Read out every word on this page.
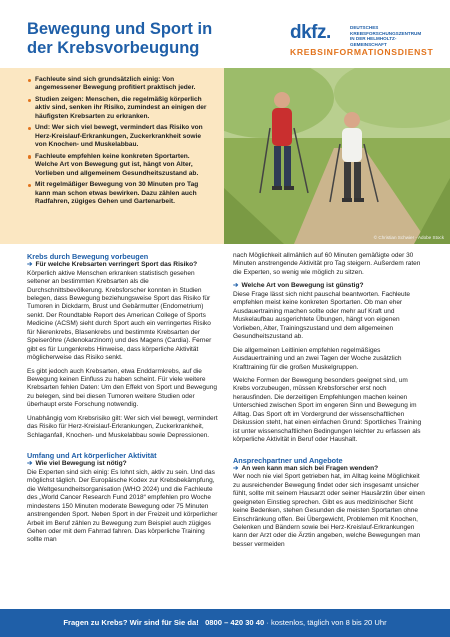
Bewegung und Sport in der Krebsvorbeugung
dkfz.	DEUTSCHES
KREBSFORSCHUNGSZENTRUM
IN DER HELMHOLTZ-GEMEINSCHAFT
KREBSINFORMATIONSDIENST
Fachleute sind sich grundsätzlich einig: Von angemessener Bewegung profitiert praktisch jeder.
Studien zeigen: Menschen, die regelmäßig körperlich aktiv sind, senken ihr Risiko, zumindest an einigen der häufigsten Krebsarten zu erkranken.
Und: Wer sich viel bewegt, vermindert das Risiko von Herz-Kreislauf-Erkrankungen, Zuckerkrankheit sowie von Knochen- und Muskelabbau.
Fachleute empfehlen keine konkreten Sportarten. Welche Art von Bewegung gut ist, hängt von Alter, Vorlieben und allgemeinem Gesundheitszustand ab.
Mit regelmäßiger Bewegung von 30 Minuten pro Tag kann man schon etwas bewirken. Dazu zählen auch Radfahren, zügiges Gehen und Gartenarbeit.
© Christian Schwier - Adobe Stock
Krebs durch Bewegung vorbeugen
➔ Für welche Krebsarten verringert Sport das Risiko?

Körperlich aktive Menschen erkranken statistisch gesehen seltener an bestimmten Krebsarten als die Durchschnittsbevölkerung. Krebsforscher konnten in Studien belegen, dass Bewegung beziehungsweise Sport das Risiko für Tumoren in Dickdarm, Brust und Gebärmutter (Endometrium) senkt. Der Roundtable Report des American College of Sports Medicine (ACSM) sieht durch Sport auch ein verringertes Risiko für Nierenkrebs, Blasenkrebs und bestimmte Krebsarten der Speiseröhre (Adenokarzinom) und des Magens (Cardia). Ferner gibt es für Lungenkrebs Hinweise, dass körperliche Aktivität möglicherweise das Risiko senkt.

Es gibt jedoch auch Krebsarten, etwa Enddarmkrebs, auf die Bewegung keinen Einfluss zu haben scheint. Für viele weitere Krebsarten fehlen Daten: Um den Effekt von Sport und Bewegung zu belegen, sind bei diesen Tumoren weitere Studien oder überhaupt erste Forschung notwendig.

Unabhängig vom Krebsrisiko gilt: Wer sich viel bewegt, vermindert das Risiko für Herz-Kreislauf-Erkrankungen, Zuckerkrankheit, Schlaganfall, Knochen- und Muskelabbau sowie Depressionen.

Umfang und Art körperlicher Aktivität
➔ Wie viel Bewegung ist nötig?

Die Experten sind sich einig: Es lohnt sich, aktiv zu sein. Und das möglichst täglich. Der Europäische Kodex zur Krebsbekämpfung, die Weltgesundheitsorganisation (WHO 2024) und die Fachleute des „World Cancer Research Fund 2018“ empfehlen pro Woche mindestens 150 Minuten moderate Bewegung oder 75 Minuten anstrengenden Sport. Neben Sport in der Freizeit und körperlicher Arbeit im Beruf zählen zu Bewegung zum Beispiel auch zügiges Gehen oder mit dem Fahrrad fahren. Das körperliche Training sollte man

nach Möglichkeit allmählich auf 60 Minuten gemäßigte oder 30 Minuten anstrengende Aktivität pro Tag steigern. Außerdem raten die Experten, so wenig wie möglich zu sitzen.

➔ Welche Art von Bewegung ist günstig?

Diese Frage lässt sich nicht pauschal beantworten. Fachleute empfehlen meist keine konkreten Sportarten. Ob man eher Ausdauertraining machen sollte oder mehr auf Kraft und Muskelaufbau ausgerichtete Übungen, hängt von eigenen Vorlieben, Alter, Trainingszustand und dem allgemeinen Gesundheitszustand ab.

Die allgemeinen Leitlinien empfehlen regelmäßiges Ausdauertraining und an zwei Tagen der Woche zusätzlich Krafttraining für die großen Muskelgruppen.

Welche Formen der Bewegung besonders geeignet sind, um Krebs vorzubeugen, müssen Krebsforscher erst noch herausfinden. Die derzeitigen Empfehlungen machen keinen Unterschied zwischen Sport im engeren Sinn und Bewegung im Alltag. Das Sport oft im Vordergrund der wissenschaftlichen Diskussion steht, hat einen einfachen Grund: Sportliches Training ist unter wissenschaftlichen Bedingungen leichter zu erfassen als körperliche Aktivität in Beruf oder Haushalt.

Ansprechpartner und Angebote
➔ An wen kann man sich bei Fragen wenden?

Wer noch nie viel Sport getrieben hat, im Alltag keine Möglichkeit zu ausreichender Bewegung findet oder sich insgesamt unsicher fühlt, sollte mit seinem Hausarzt oder seiner Hausärztin über einen geeigneten Einstieg sprechen. Gibt es aus medizinischer Sicht keine Bedenken, stehen Gesunden die meisten Sportarten ohne Einschränkung offen. Bei Übergewicht, Problemen mit Knochen, Gelenken und Bändern sowie bei Herz-Kreislauf-Erkrankungen kann der Arzt oder die Ärztin angeben, welche Bewegungen man besser vermeiden

Fragen zu Krebs? Wir sind für Sie da! 0800 – 420 30 40 · kostenlos, täglich von 8 bis 20 Uhr
